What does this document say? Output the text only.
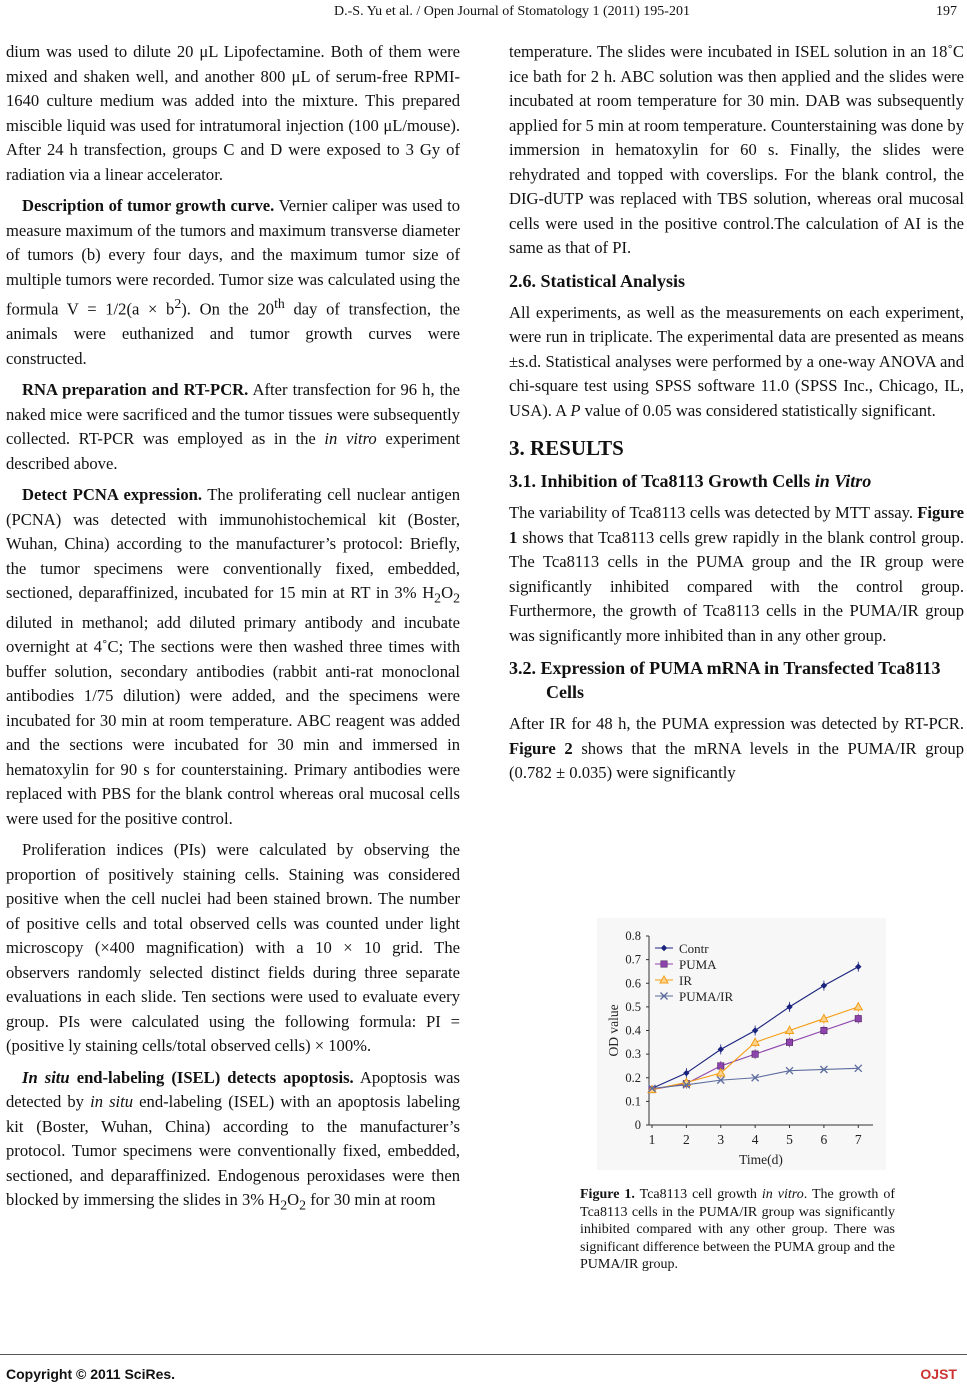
D.-S. Yu et al. / Open Journal of Stomatology 1 (2011) 195-201	197

dium was used to dilute 20 μL Lipofectamine. Both of them were mixed and shaken well, and another 800 μL of serum-free RPMI-1640 culture medium was added into the mixture. This prepared miscible liquid was used for intratumoral injection (100 μL/mouse). After 24 h transfection, groups C and D were exposed to 3 Gy of radiation via a linear accelerator.

Description of tumor growth curve. Vernier caliper was used to measure maximum of the tumors and maximum transverse diameter of tumors (b) every four days, and the maximum tumor size of multiple tumors were recorded. Tumor size was calculated using the formula $V = 1/2(a \times b^2)$. On the 20th day of transfection, the animals were euthanized and tumor growth curves were constructed.

RNA preparation and RT-PCR. After transfection for 96 h, the naked mice were sacrificed and the tumor tissues were subsequently collected. RT-PCR was employed as in the in vitro experiment described above.

Detect PCNA expression. The proliferating cell nuclear antigen (PCNA) was detected with immunohistochemical kit (Boster, Wuhan, China) according to the manufacturer’s protocol: Briefly, the tumor specimens were conventionally fixed, embedded, sectioned, deparaffinized, incubated for 15 min at RT in 3% $H_2O_2$ diluted in methanol; add diluted primary antibody and incubate overnight at 4˚C; The sections were then washed three times with buffer solution, secondary antibodies (rabbit anti-rat monoclonal antibodies 1/75 dilution) were added, and the specimens were incubated for 30 min at room temperature. ABC reagent was added and the sections were incubated for 30 min and immersed in hematoxylin for 90 s for counterstaining. Primary antibodies were replaced with PBS for the blank control whereas oral mucosal cells were used for the positive control.

Proliferation indices (PIs) were calculated by observing the proportion of positively staining cells. Staining was considered positive when the cell nuclei had been stained brown. The number of positive cells and total observed cells was counted under light microscopy (×400 magnification) with a 10 × 10 grid. The observers randomly selected distinct fields during three separate evaluations in each slide. Ten sections were used to evaluate every group. PIs were calculated using the following formula: PI = (positive ly staining cells/total observed cells) × 100%.

In situ end-labeling (ISEL) detects apoptosis. Apoptosis was detected by in situ end-labeling (ISEL) with an apoptosis labeling kit (Boster, Wuhan, China) according to the manufacturer’s protocol. Tumor specimens were conventionally fixed, embedded, sectioned, and deparaffinized. Endogenous peroxidases were then blocked by immersing the slides in 3% $H_2O_2$ for 30 min at room

temperature. The slides were incubated in ISEL solution in an 18˚C ice bath for 2 h. ABC solution was then applied and the slides were incubated at room temperature for 30 min. DAB was subsequently applied for 5 min at room temperature. Counterstaining was done by immersion in hematoxylin for 60 s. Finally, the slides were rehydrated and topped with coverslips. For the blank control, the DIG-dUTP was replaced with TBS solution, whereas oral mucosal cells were used in the positive control.The calculation of AI is the same as that of PI.

2.6. Statistical Analysis

All experiments, as well as the measurements on each experiment, were run in triplicate. The experimental data are presented as means ±s.d. Statistical analyses were performed by a one-way ANOVA and chi-square test using SPSS software 11.0 (SPSS Inc., Chicago, IL, USA). A P value of 0.05 was considered statistically significant.

3. RESULTS
3.1. Inhibition of Tca8113 Growth Cells in Vitro

The variability of Tca8113 cells was detected by MTT assay. Figure 1 shows that Tca8113 cells grew rapidly in the blank control group. The Tca8113 cells in the PUMA group and the IR group were significantly inhibited compared with the control group. Furthermore, the growth of Tca8113 cells in the PUMA/IR group was significantly more inhibited than in any other group.

3.2. Expression of PUMA mRNA in Transfected Tca8113 Cells

After IR for 48 h, the PUMA expression was detected by RT-PCR. Figure 2 shows that the mRNA levels in the PUMA/IR group (0.782 ± 0.035) were significantly

0
0.1
0.2
0.3
0.4
0.5
0.6
0.7
0.8
1 2 3 4 5 6 7
Time(d)
OD value
Contr
PUMA
IR
PUMA/IR
Figure 1. Tca8113 cell growth in vitro. The growth of Tca8113 cells in the PUMA/IR group was significantly inhibited compared with any other group. There was significant difference between the PUMA group and the PUMA/IR group.
Copyright © 2011 SciRes.	OJST
